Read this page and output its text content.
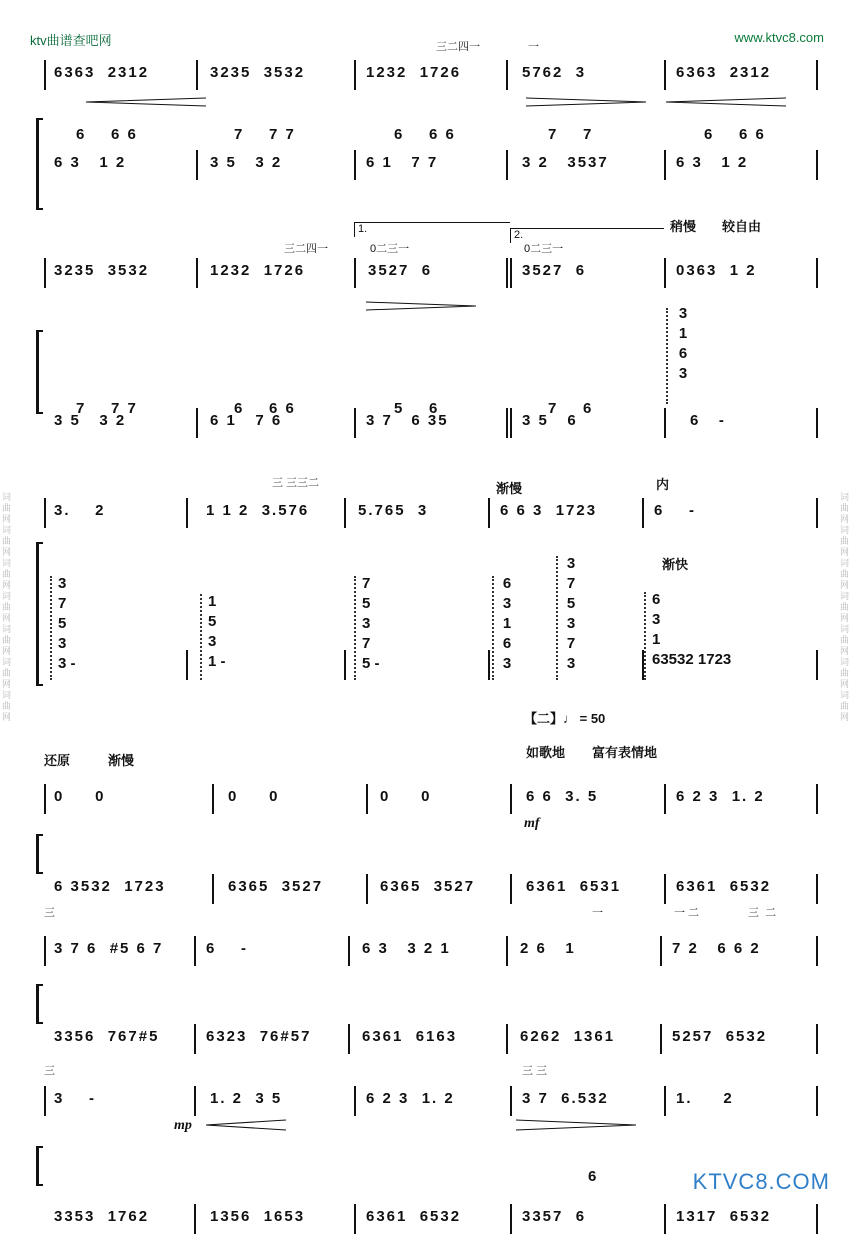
词曲网词曲网词曲网词曲网词曲网词曲网词曲网	词曲网词曲网词曲网词曲网词曲网词曲网词曲网
ktv曲谱查吧网	www.ktvc8.com
三二四一	一
6363  2312	3235  3532	1232  1726	5762  3	6363  2312
6    6 6	7    7 7	6    6 6	7    7	6    6 6
6 3   1 2	3 5   3 2	6 1   7 7	3 2   3537	6 3   1 2
稍慢 较自由
1.	2.
三二四一	0二三一	0二三一
3235  3532	1232  1726	3527  6	3527  6	0363  1 2
3
1
6
3
7    7 7	6    6 6	5    6	7    6
3 5   3 2	6 1   7 6	3 7   6 35	3 5   6	6   -
三 三三二	渐慢	内
3.    2	1 1 2  3.576	5.765  3	6 6 3  1723	6    -
渐快
3
7
5
3
3 -
1
5
3
1 -
7
5
3
7
5 -
6
3
1
6
3
3
7
5
3
7
3
6
3
1
63532 1723
【二】♩ = 50
如歌地 富有表情地
还原	渐慢
0     0	0     0	0     0	6 6  3. 5	6 2 3  1. 2
mf
6 3532  1723	6365  3527	6365  3527	6361  6531	6361  6532
三	一	一 二	三  二
3 7 6  #5 6 7	6    -	6 3   3 2 1	2 6   1	7 2   6 6 2
3356  767#5	6323  76#57	6361  6163	6262  1361	5257  6532
三	三 三
3    -	1. 2  3 5	6 2 3  1. 2	3 7  6.532	1.     2
mp
6
3353  1762	1356  1653	6361  6532	3357  6	1317  6532
KTVC8.COM
